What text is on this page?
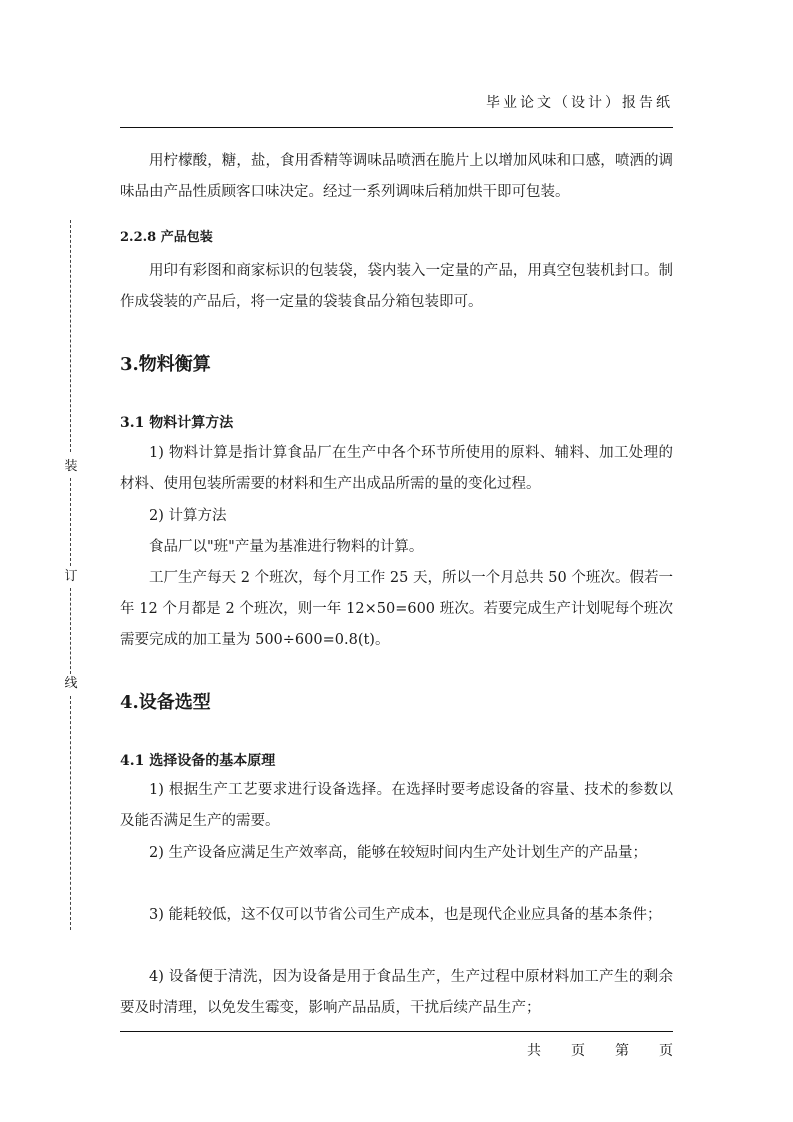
毕业论文（设计）报告纸
装
订
线

用柠檬酸，糖，盐，食用香精等调味品喷洒在脆片上以增加风味和口感，喷洒的调味品由产品性质顾客口味决定。经过一系列调味后稍加烘干即可包装。

2.2.8 产品包装

用印有彩图和商家标识的包装袋，袋内装入一定量的产品，用真空包装机封口。制作成袋装的产品后，将一定量的袋装食品分箱包装即可。

3.物料衡算
3.1 物料计算方法

1) 物料计算是指计算食品厂在生产中各个环节所使用的原料、辅料、加工处理的材料、使用包装所需要的材料和生产出成品所需的量的变化过程。

2) 计算方法
食品厂以"班"产量为基准进行物料的计算。

工厂生产每天 2 个班次，每个月工作 25 天，所以一个月总共 50 个班次。假若一年 12 个月都是 2 个班次，则一年 12×50=600 班次。若要完成生产计划呢每个班次需要完成的加工量为 500÷600=0.8(t)。

4.设备选型
4.1 选择设备的基本原理

1) 根据生产工艺要求进行设备选择。在选择时要考虑设备的容量、技术的参数以及能否满足生产的需要。

2) 生产设备应满足生产效率高，能够在较短时间内生产处计划生产的产品量；

3) 能耗较低，这不仅可以节省公司生产成本，也是现代企业应具备的基本条件；

4) 设备便于清洗，因为设备是用于食品生产，生产过程中原材料加工产生的剩余要及时清理，以免发生霉变，影响产品品质，干扰后续产品生产；

共 页 第 页
